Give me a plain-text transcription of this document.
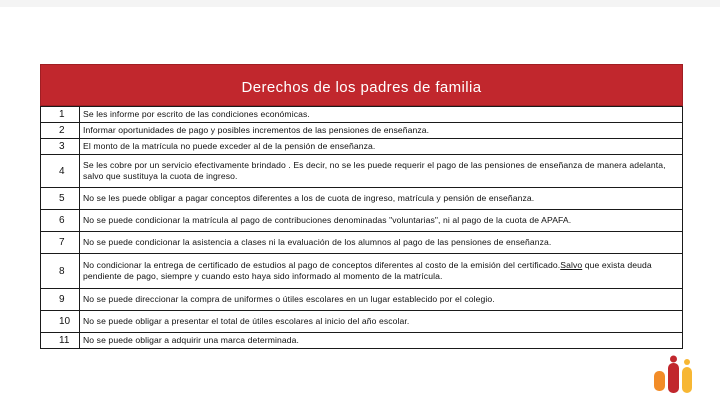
Derechos de los padres de familia
1	Se les informe por escrito de las condiciones económicas.
2	Informar oportunidades de pago y posibles incrementos de las pensiones de enseñanza.
3	El monto de la matrícula no puede exceder al de la pensión de enseñanza.
4	Se les cobre por un servicio efectivamente brindado . Es decir, no se les puede requerir el pago de las pensiones de enseñanza de manera adelanta, salvo que sustituya la cuota de ingreso.
5	No se les puede obligar a pagar conceptos diferentes a los de cuota de ingreso, matrícula y pensión de enseñanza.
6	No se puede condicionar la matrícula al pago de contribuciones denominadas "voluntarias", ni al pago de la cuota de APAFA.
7	No se puede condicionar la asistencia a clases ni la evaluación de los alumnos al pago de las pensiones de enseñanza.
8	No condicionar la entrega de certificado de estudios al pago de conceptos diferentes al costo de la emisión del certificado.Salvo que exista deuda pendiente de pago, siempre y cuando esto haya sido informado al momento de la matrícula.
9	No se puede direccionar la compra de uniformes o útiles escolares en un lugar establecido por el colegio.
10	No se puede obligar a presentar el total de útiles escolares al inicio del año escolar.
11	No se puede obligar a adquirir una marca determinada.
